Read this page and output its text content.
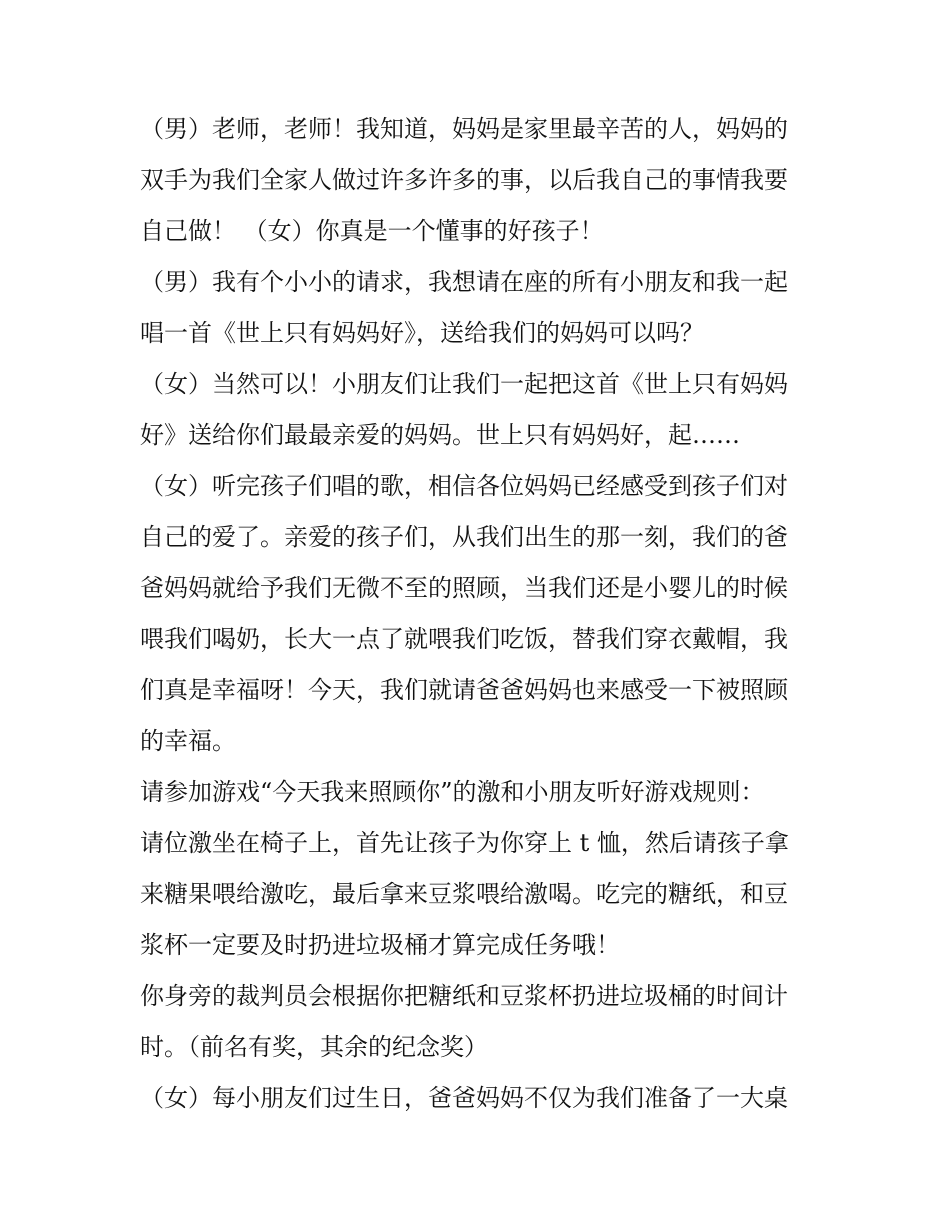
（男）老师，老师！我知道，妈妈是家里最辛苦的人，妈妈的
双手为我们全家人做过许多许多的事，以后我自己的事情我要
自己做！ （女）你真是一个懂事的好孩子！
（男）我有个小小的请求，我想请在座的所有小朋友和我一起
唱一首《世上只有妈妈好》，送给我们的妈妈可以吗？
（女）当然可以！小朋友们让我们一起把这首《世上只有妈妈
好》送给你们最最亲爱的妈妈。世上只有妈妈好，起……
（女）听完孩子们唱的歌，相信各位妈妈已经感受到孩子们对
自己的爱了。亲爱的孩子们，从我们出生的那一刻，我们的爸
爸妈妈就给予我们无微不至的照顾，当我们还是小婴儿的时候
喂我们喝奶，长大一点了就喂我们吃饭，替我们穿衣戴帽，我
们真是幸福呀！今天，我们就请爸爸妈妈也来感受一下被照顾
的幸福。
请参加游戏“今天我来照顾你”的激和小朋友听好游戏规则：
请位激坐在椅子上，首先让孩子为你穿上 t 恤，然后请孩子拿
来糖果喂给激吃，最后拿来豆浆喂给激喝。吃完的糖纸，和豆
浆杯一定要及时扔进垃圾桶才算完成任务哦！
你身旁的裁判员会根据你把糖纸和豆浆杯扔进垃圾桶的时间计
时。（前名有奖，其余的纪念奖）
（女）每小朋友们过生日，爸爸妈妈不仅为我们准备了一大桌
